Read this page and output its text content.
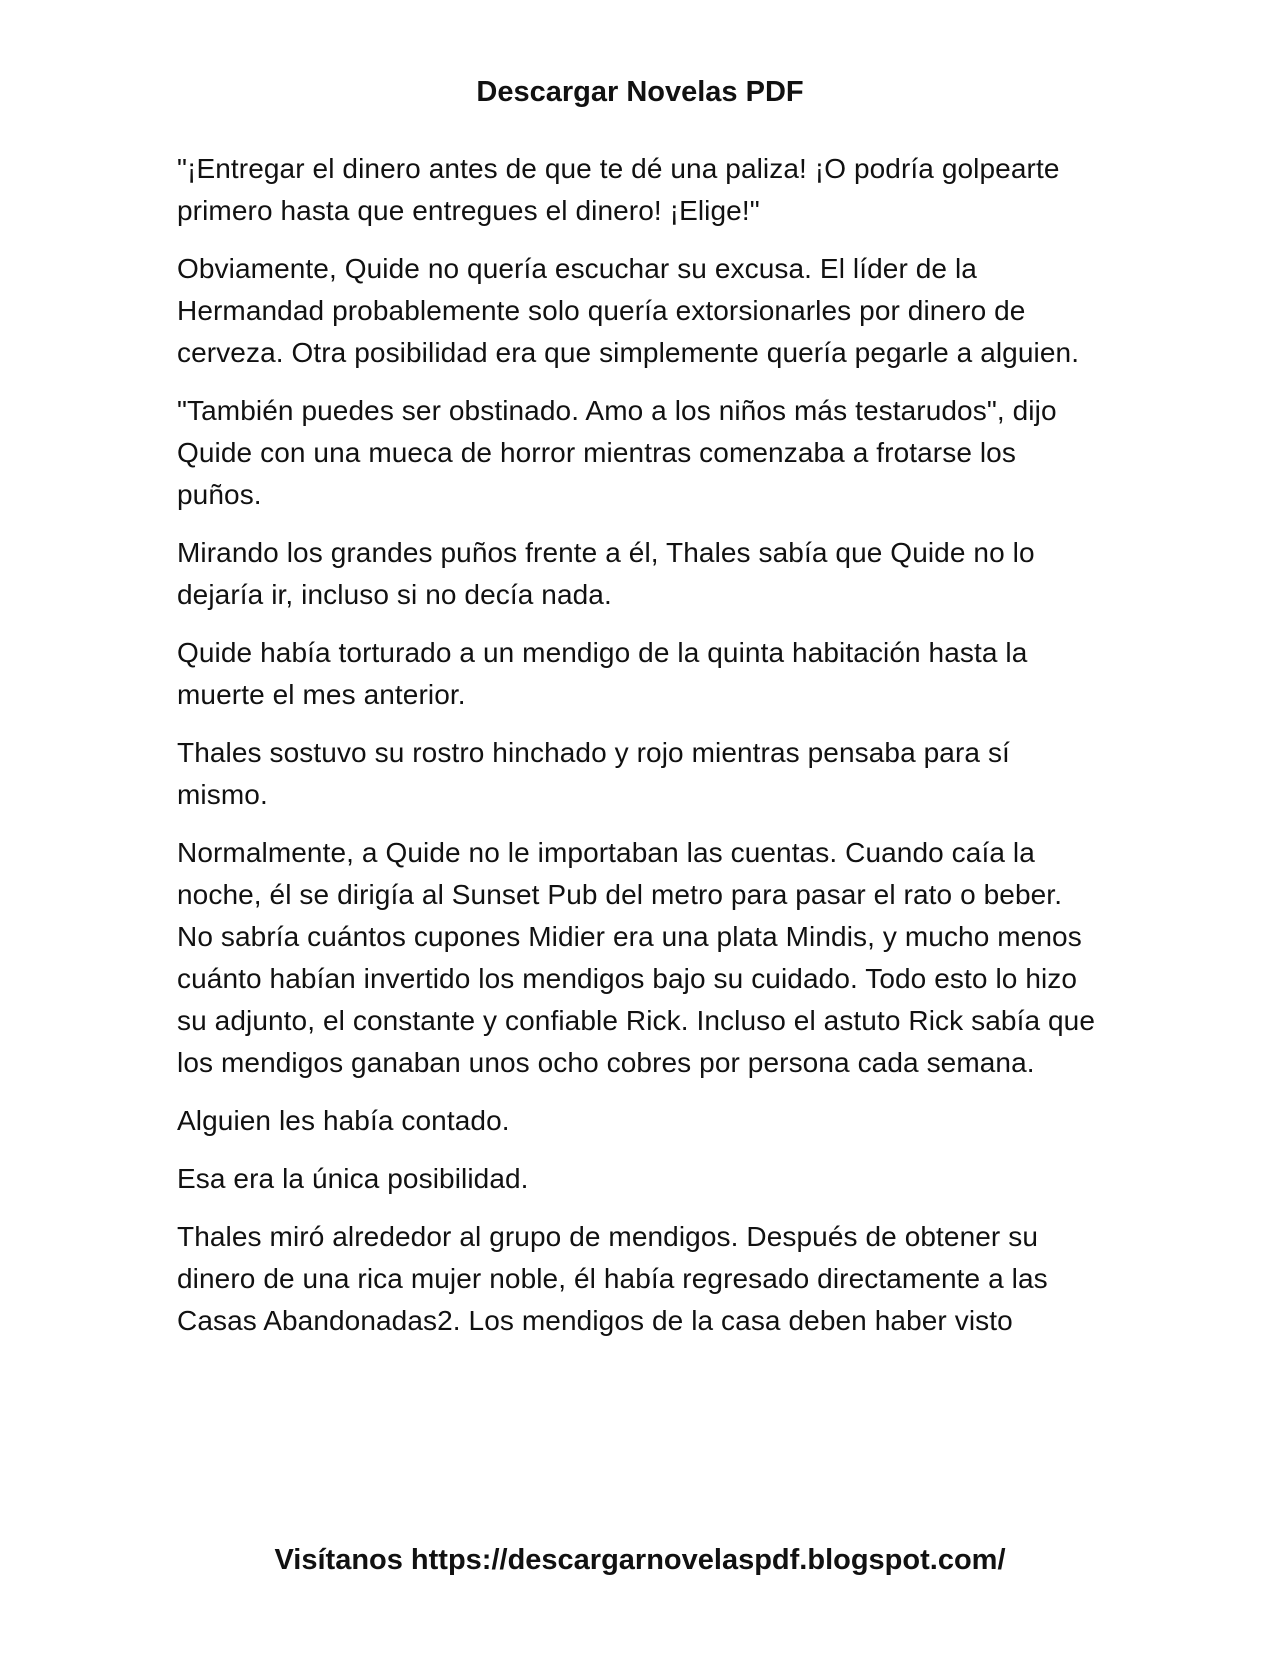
Descargar Novelas PDF

"¡Entregar el dinero antes de que te dé una paliza! ¡O podría golpearte primero hasta que entregues el dinero! ¡Elige!"

Obviamente, Quide no quería escuchar su excusa. El líder de la Hermandad probablemente solo quería extorsionarles por dinero de cerveza. Otra posibilidad era que simplemente quería pegarle a alguien.

"También puedes ser obstinado. Amo a los niños más testarudos", dijo Quide con una mueca de horror mientras comenzaba a frotarse los puños.

Mirando los grandes puños frente a él, Thales sabía que Quide no lo dejaría ir, incluso si no decía nada.

Quide había torturado a un mendigo de la quinta habitación hasta la muerte el mes anterior.

Thales sostuvo su rostro hinchado y rojo mientras pensaba para sí mismo.

Normalmente, a Quide no le importaban las cuentas. Cuando caía la noche, él se dirigía al Sunset Pub del metro para pasar el rato o beber. No sabría cuántos cupones Midier era una plata Mindis, y mucho menos cuánto habían invertido los mendigos bajo su cuidado. Todo esto lo hizo su adjunto, el constante y confiable Rick. Incluso el astuto Rick sabía que los mendigos ganaban unos ocho cobres por persona cada semana.

Alguien les había contado.

Esa era la única posibilidad.

Thales miró alrededor al grupo de mendigos. Después de obtener su dinero de una rica mujer noble, él había regresado directamente a las Casas Abandonadas2. Los mendigos de la casa deben haber visto

Visítanos https://descargarnovelaspdf.blogspot.com/
